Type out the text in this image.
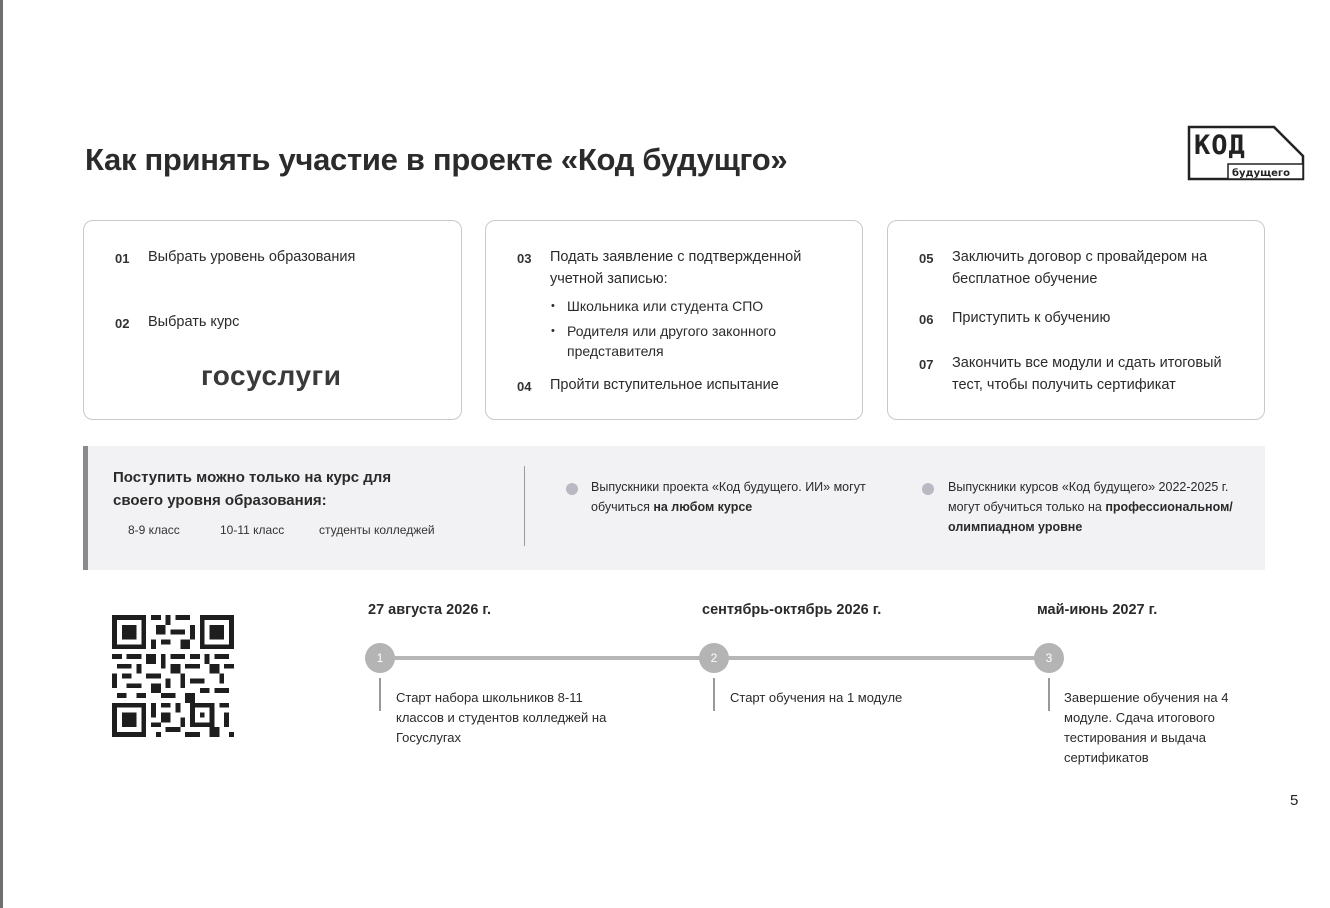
Как принять участие в проекте «Код будущго»	КОД
будущего
01 Выбрать уровень образования
02 Выбрать курс
госуслуги
03 Подать заявление с подтвержденной учетной записью:
• Школьника или студента СПО
• Родителя или другого законного представителя
04 Пройти вступительное испытание
05 Заключить договор с провайдером на бесплатное обучение
06 Приступить к обучению
07 Закончить все модули и сдать итоговый тест, чтобы получить сертификат
Поступить можно только на курс для своего уровня образования:
8-9 класс	10-11 класс	студенты колледжей
Выпускники проекта «Код будущего. ИИ» могут обучиться на любом курсе
Выпускники курсов «Код будущего» 2022-2025 г. могут обучиться только на профессиональном/ олимпиадном уровне
27 августа 2026 г.	сентябрь-октябрь 2026 г.	май-июнь 2027 г.
1	2	3
Старт набора школьников 8-11 классов и студентов колледжей на Госуслугах
Старт обучения на 1 модуле	Завершение обучения на 4 модуле. Сдача итогового тестирования и выдача сертификатов
5
